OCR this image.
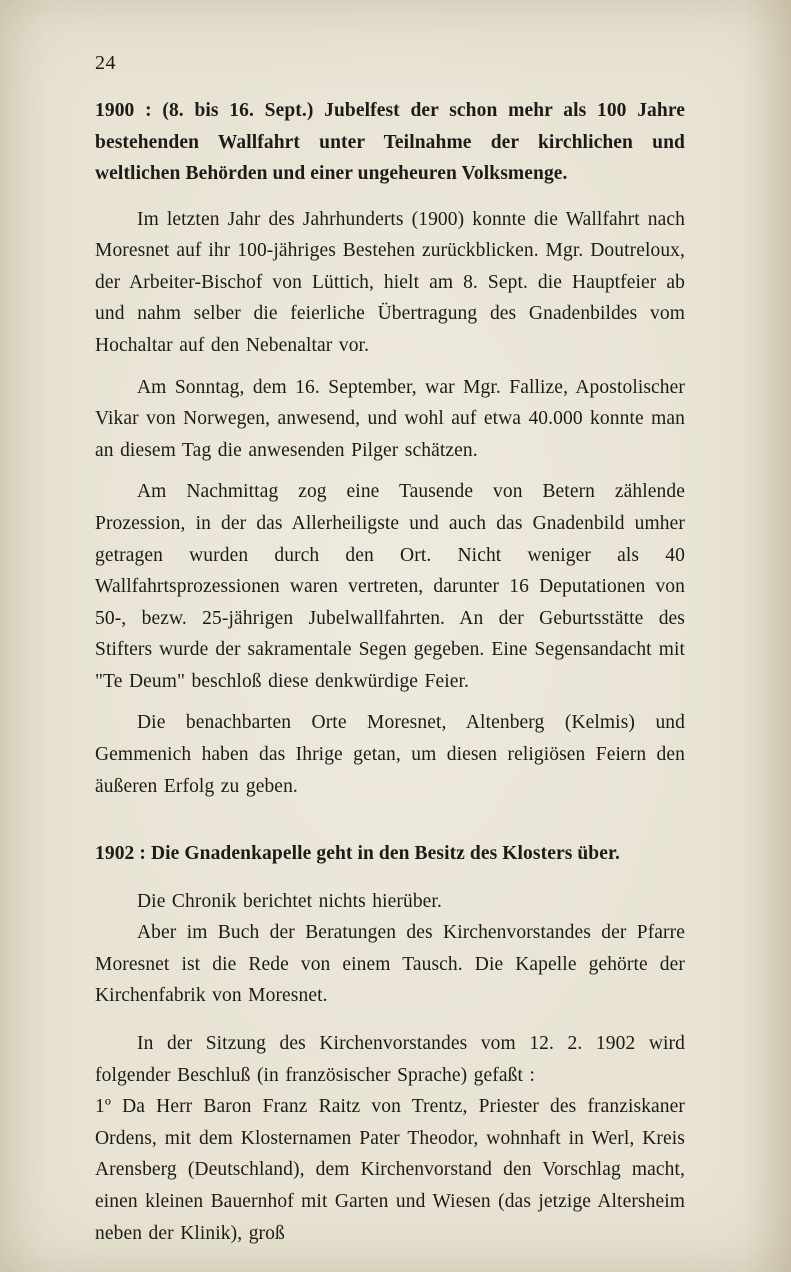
24
1900 : (8. bis 16. Sept.) Jubelfest der schon mehr als 100 Jahre bestehenden Wallfahrt unter Teilnahme der kirchlichen und weltlichen Behörden und einer ungeheuren Volksmenge.

Im letzten Jahr des Jahrhunderts (1900) konnte die Wallfahrt nach Moresnet auf ihr 100-jähriges Bestehen zurückblicken. Mgr. Doutreloux, der Arbeiter-Bischof von Lüttich, hielt am 8. Sept. die Hauptfeier ab und nahm selber die feierliche Übertragung des Gnadenbildes vom Hochaltar auf den Nebenaltar vor.

Am Sonntag, dem 16. September, war Mgr. Fallize, Apostolischer Vikar von Norwegen, anwesend, und wohl auf etwa 40.000 konnte man an diesem Tag die anwesenden Pilger schätzen.

Am Nachmittag zog eine Tausende von Betern zählende Prozession, in der das Allerheiligste und auch das Gnadenbild umher getragen wurden durch den Ort. Nicht weniger als 40 Wallfahrtsprozessionen waren vertreten, darunter 16 Deputationen von 50-, bezw. 25-jährigen Jubelwallfahrten. An der Geburtsstätte des Stifters wurde der sakramentale Segen gegeben. Eine Segensandacht mit "Te Deum" beschloß diese denkwürdige Feier.

Die benachbarten Orte Moresnet, Altenberg (Kelmis) und Gemmenich haben das Ihrige getan, um diesen religiösen Feiern den äußeren Erfolg zu geben.

1902 : Die Gnadenkapelle geht in den Besitz des Klosters über.

Die Chronik berichtet nichts hierüber.

Aber im Buch der Beratungen des Kirchenvorstandes der Pfarre Moresnet ist die Rede von einem Tausch. Die Kapelle gehörte der Kirchenfabrik von Moresnet.

In der Sitzung des Kirchenvorstandes vom 12. 2. 1902 wird folgender Beschluß (in französischer Sprache) gefaßt :

1º Da Herr Baron Franz Raitz von Trentz, Priester des franziskaner Ordens, mit dem Klosternamen Pater Theodor, wohnhaft in Werl, Kreis Arensberg (Deutschland), dem Kirchenvorstand den Vorschlag macht, einen kleinen Bauernhof mit Garten und Wiesen (das jetzige Altersheim neben der Klinik), groß
